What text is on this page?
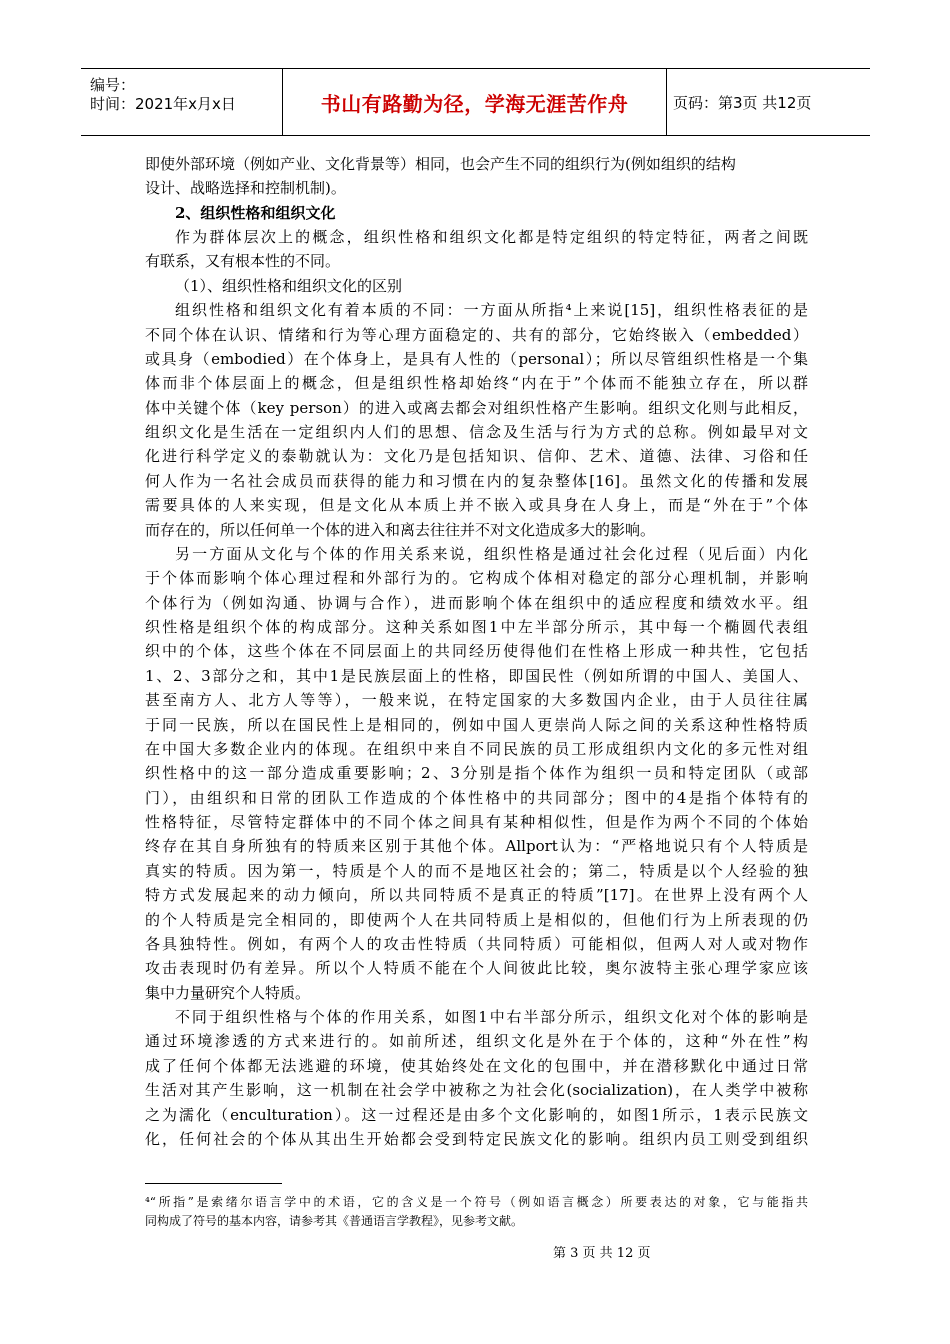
编号：
时间：2021年x月x日	书山有路勤为径，学海无涯苦作舟	页码：第3页 共12页
即使外部环境（例如产业、文化背景等）相同，也会产生不同的组织行为(例如组织的结构
设计、战略选择和控制机制)。
2、组织性格和组织文化
作为群体层次上的概念，组织性格和组织文化都是特定组织的特定特征，两者之间既
有联系，又有根本性的不同。
（1）、组织性格和组织文化的区别
组织性格和组织文化有着本质的不同：一方面从所指⁴上来说[15]，组织性格表征的是
不同个体在认识、情绪和行为等心理方面稳定的、共有的部分，它始终嵌入（embedded）
或具身（embodied）在个体身上，是具有人性的（personal）；所以尽管组织性格是一个集
体而非个体层面上的概念，但是组织性格却始终“内在于”个体而不能独立存在，所以群
体中关键个体（key person）的进入或离去都会对组织性格产生影响。组织文化则与此相反，
组织文化是生活在一定组织内人们的思想、信念及生活与行为方式的总称。例如最早对文
化进行科学定义的泰勒就认为：文化乃是包括知识、信仰、艺术、道德、法律、习俗和任
何人作为一名社会成员而获得的能力和习惯在内的复杂整体[16]。虽然文化的传播和发展
需要具体的人来实现，但是文化从本质上并不嵌入或具身在人身上，而是“外在于”个体
而存在的，所以任何单一个体的进入和离去往往并不对文化造成多大的影响。
另一方面从文化与个体的作用关系来说，组织性格是通过社会化过程（见后面）内化
于个体而影响个体心理过程和外部行为的。它构成个体相对稳定的部分心理机制，并影响
个体行为（例如沟通、协调与合作），进而影响个体在组织中的适应程度和绩效水平。组
织性格是组织个体的构成部分。这种关系如图1中左半部分所示，其中每一个椭圆代表组
织中的个体，这些个体在不同层面上的共同经历使得他们在性格上形成一种共性，它包括
1、2、3部分之和，其中1是民族层面上的性格，即国民性（例如所谓的中国人、美国人、
甚至南方人、北方人等等），一般来说，在特定国家的大多数国内企业，由于人员往往属
于同一民族，所以在国民性上是相同的，例如中国人更崇尚人际之间的关系这种性格特质
在中国大多数企业内的体现。在组织中来自不同民族的员工形成组织内文化的多元性对组
织性格中的这一部分造成重要影响；2、3分别是指个体作为组织一员和特定团队（或部
门），由组织和日常的团队工作造成的个体性格中的共同部分；图中的4是指个体特有的
性格特征，尽管特定群体中的不同个体之间具有某种相似性，但是作为两个不同的个体始
终存在其自身所独有的特质来区别于其他个体。Allport认为：“严格地说只有个人特质是
真实的特质。因为第一，特质是个人的而不是地区社会的；第二，特质是以个人经验的独
特方式发展起来的动力倾向，所以共同特质不是真正的特质”[17]。在世界上没有两个人
的个人特质是完全相同的，即使两个人在共同特质上是相似的，但他们行为上所表现的仍
各具独特性。例如，有两个人的攻击性特质（共同特质）可能相似，但两人对人或对物作
攻击表现时仍有差异。所以个人特质不能在个人间彼此比较，奥尔波特主张心理学家应该
集中力量研究个人特质。
不同于组织性格与个体的作用关系，如图1中右半部分所示，组织文化对个体的影响是
通过环境渗透的方式来进行的。如前所述，组织文化是外在于个体的，这种“外在性”构
成了任何个体都无法逃避的环境，使其始终处在文化的包围中，并在潜移默化中通过日常
生活对其产生影响，这一机制在社会学中被称之为社会化(socialization)，在人类学中被称
之为濡化（enculturation）。这一过程还是由多个文化影响的，如图1所示，1表示民族文
化，任何社会的个体从其出生开始都会受到特定民族文化的影响。组织内员工则受到组织
⁴“所指”是索绪尔语言学中的术语，它的含义是一个符号（例如语言概念）所要表达的对象，它与能指共
同构成了符号的基本内容，请参考其《普通语言学教程》，见参考文献。
第 3 页 共 12 页
